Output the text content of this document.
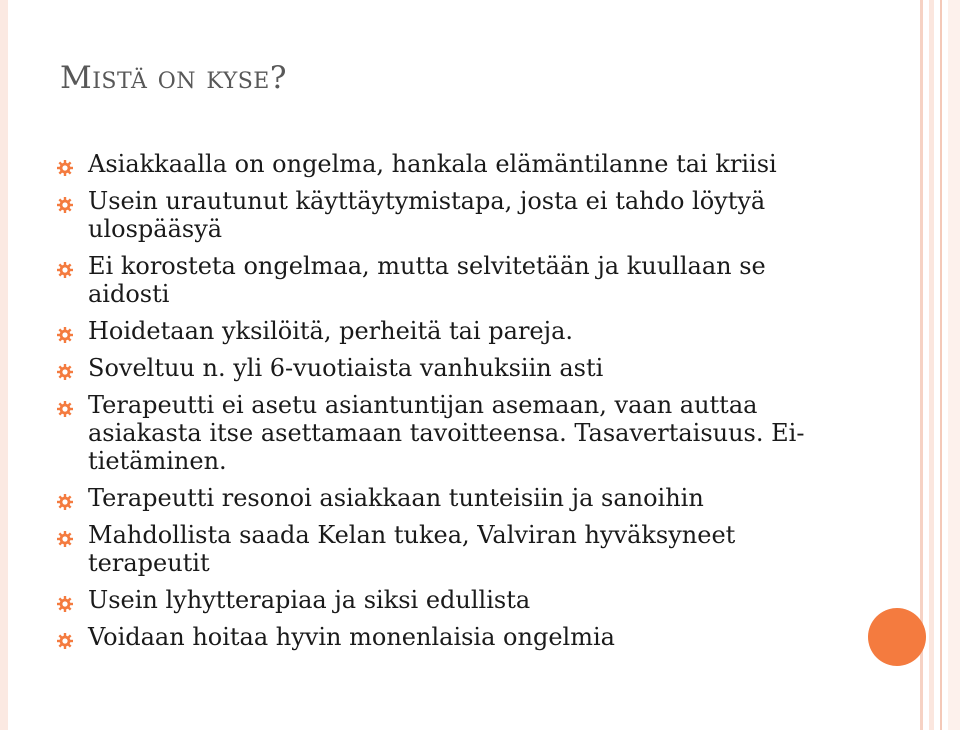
Mistä on kyse?
Asiakkaalla on ongelma, hankala elämäntilanne tai kriisi
Usein urautunut käyttäytymistapa, josta ei tahdo löytyä ulospääsyä
Ei korosteta ongelmaa, mutta selvitetään ja kuullaan se aidosti
Hoidetaan yksilöitä, perheitä tai pareja.
Soveltuu n. yli 6-vuotiaista vanhuksiin asti
Terapeutti ei asetu asiantuntijan asemaan, vaan auttaa asiakasta itse asettamaan tavoitteensa. Tasavertaisuus. Ei-tietäminen.
Terapeutti resonoi asiakkaan tunteisiin ja sanoihin
Mahdollista saada Kelan tukea, Valviran hyväksyneet terapeutit
Usein lyhytterapiaa ja siksi edullista
Voidaan hoitaa hyvin monenlaisia ongelmia
